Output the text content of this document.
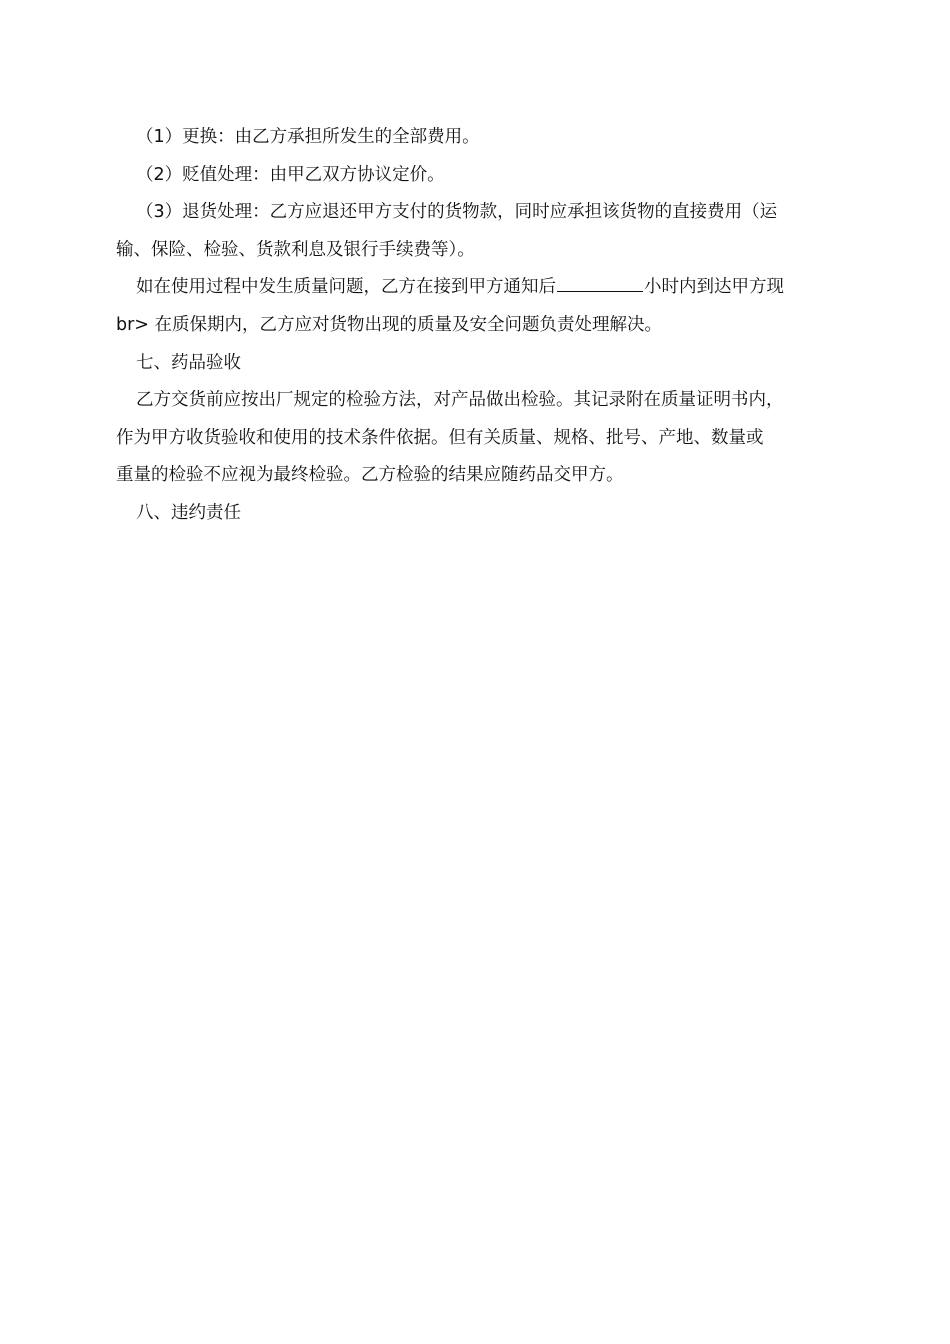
（1）更换：由乙方承担所发生的全部费用。
（2）贬值处理：由甲乙双方协议定价。
（3）退货处理：乙方应退还甲方支付的货物款，同时应承担该货物的直接费用（运
输、保险、检验、货款利息及银行手续费等）。
如在使用过程中发生质量问题，乙方在接到甲方通知后	小时内到达甲方现
br> 在质保期内，乙方应对货物出现的质量及安全问题负责处理解决。
七、药品验收
乙方交货前应按出厂规定的检验方法，对产品做出检验。其记录附在质量证明书内，
作为甲方收货验收和使用的技术条件依据。但有关质量、规格、批号、产地、数量或
重量的检验不应视为最终检验。乙方检验的结果应随药品交甲方。
八、违约责任
